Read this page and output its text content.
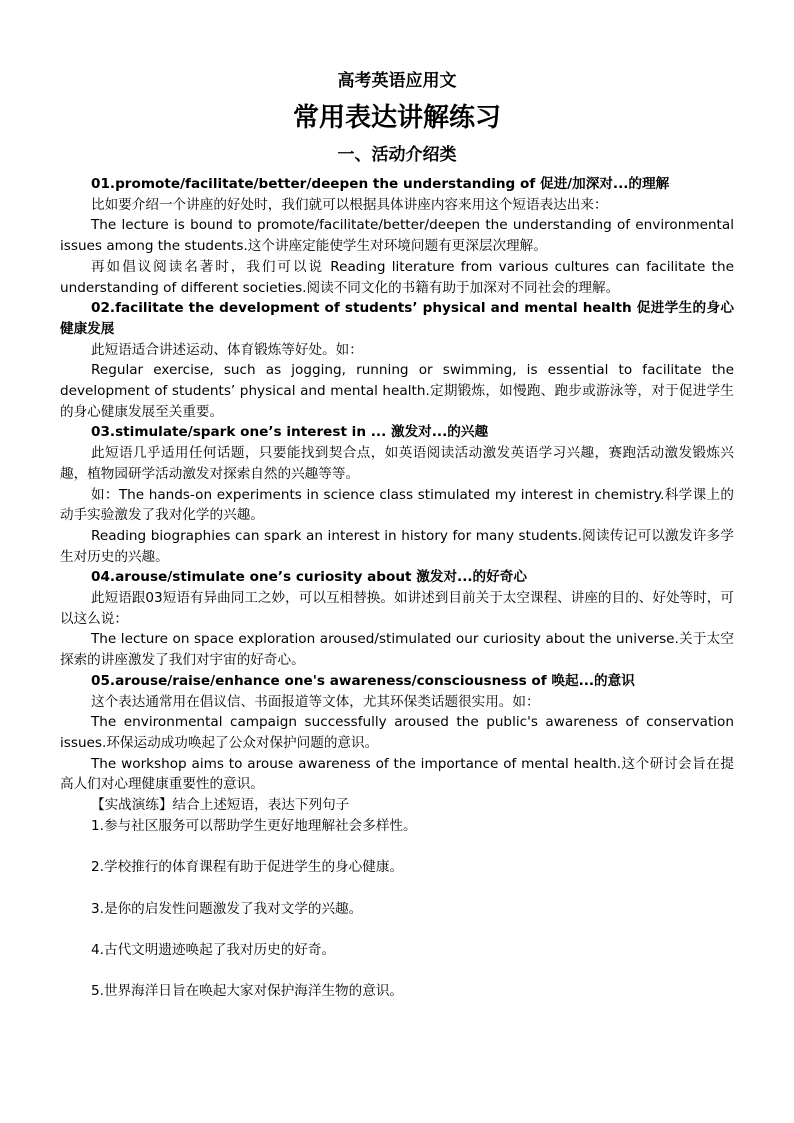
高考英语应用文
常用表达讲解练习
一、活动介绍类

01.promote/facilitate/better/deepen the understanding of 促进/加深对...的理解

比如要介绍一个讲座的好处时，我们就可以根据具体讲座内容来用这个短语表达出来：

The lecture is bound to promote/facilitate/better/deepen the understanding of environmental issues among the students.这个讲座定能使学生对环境问题有更深层次理解。

再如倡议阅读名著时，我们可以说 Reading literature from various cultures can facilitate the understanding of different societies.阅读不同文化的书籍有助于加深对不同社会的理解。

02.facilitate the development of students’ physical and mental health 促进学生的身心健康发展

此短语适合讲述运动、体育锻炼等好处。如：

Regular exercise, such as jogging, running or swimming, is essential to facilitate the development of students’ physical and mental health.定期锻炼，如慢跑、跑步或游泳等，对于促进学生的身心健康发展至关重要。

03.stimulate/spark one’s interest in ... 激发对...的兴趣

此短语几乎适用任何话题，只要能找到契合点，如英语阅读活动激发英语学习兴趣，赛跑活动激发锻炼兴趣，植物园研学活动激发对探索自然的兴趣等等。

如：The hands-on experiments in science class stimulated my interest in chemistry.科学课上的动手实验激发了我对化学的兴趣。

Reading biographies can spark an interest in history for many students.阅读传记可以激发许多学生对历史的兴趣。

04.arouse/stimulate one’s curiosity about 激发对...的好奇心

此短语跟03短语有异曲同工之妙，可以互相替换。如讲述到目前关于太空课程、讲座的目的、好处等时，可以这么说：

The lecture on space exploration aroused/stimulated our curiosity about the universe.关于太空探索的讲座激发了我们对宇宙的好奇心。

05.arouse/raise/enhance one's awareness/consciousness of 唤起...的意识

这个表达通常用在倡议信、书面报道等文体，尤其环保类话题很实用。如：

The environmental campaign successfully aroused the public's awareness of conservation issues.环保运动成功唤起了公众对保护问题的意识。

The workshop aims to arouse awareness of the importance of mental health.这个研讨会旨在提高人们对心理健康重要性的意识。

【实战演练】结合上述短语，表达下列句子

1.参与社区服务可以帮助学生更好地理解社会多样性。

2.学校推行的体育课程有助于促进学生的身心健康。

3.是你的启发性问题激发了我对文学的兴趣。

4.古代文明遗迹唤起了我对历史的好奇。

5.世界海洋日旨在唤起大家对保护海洋生物的意识。
